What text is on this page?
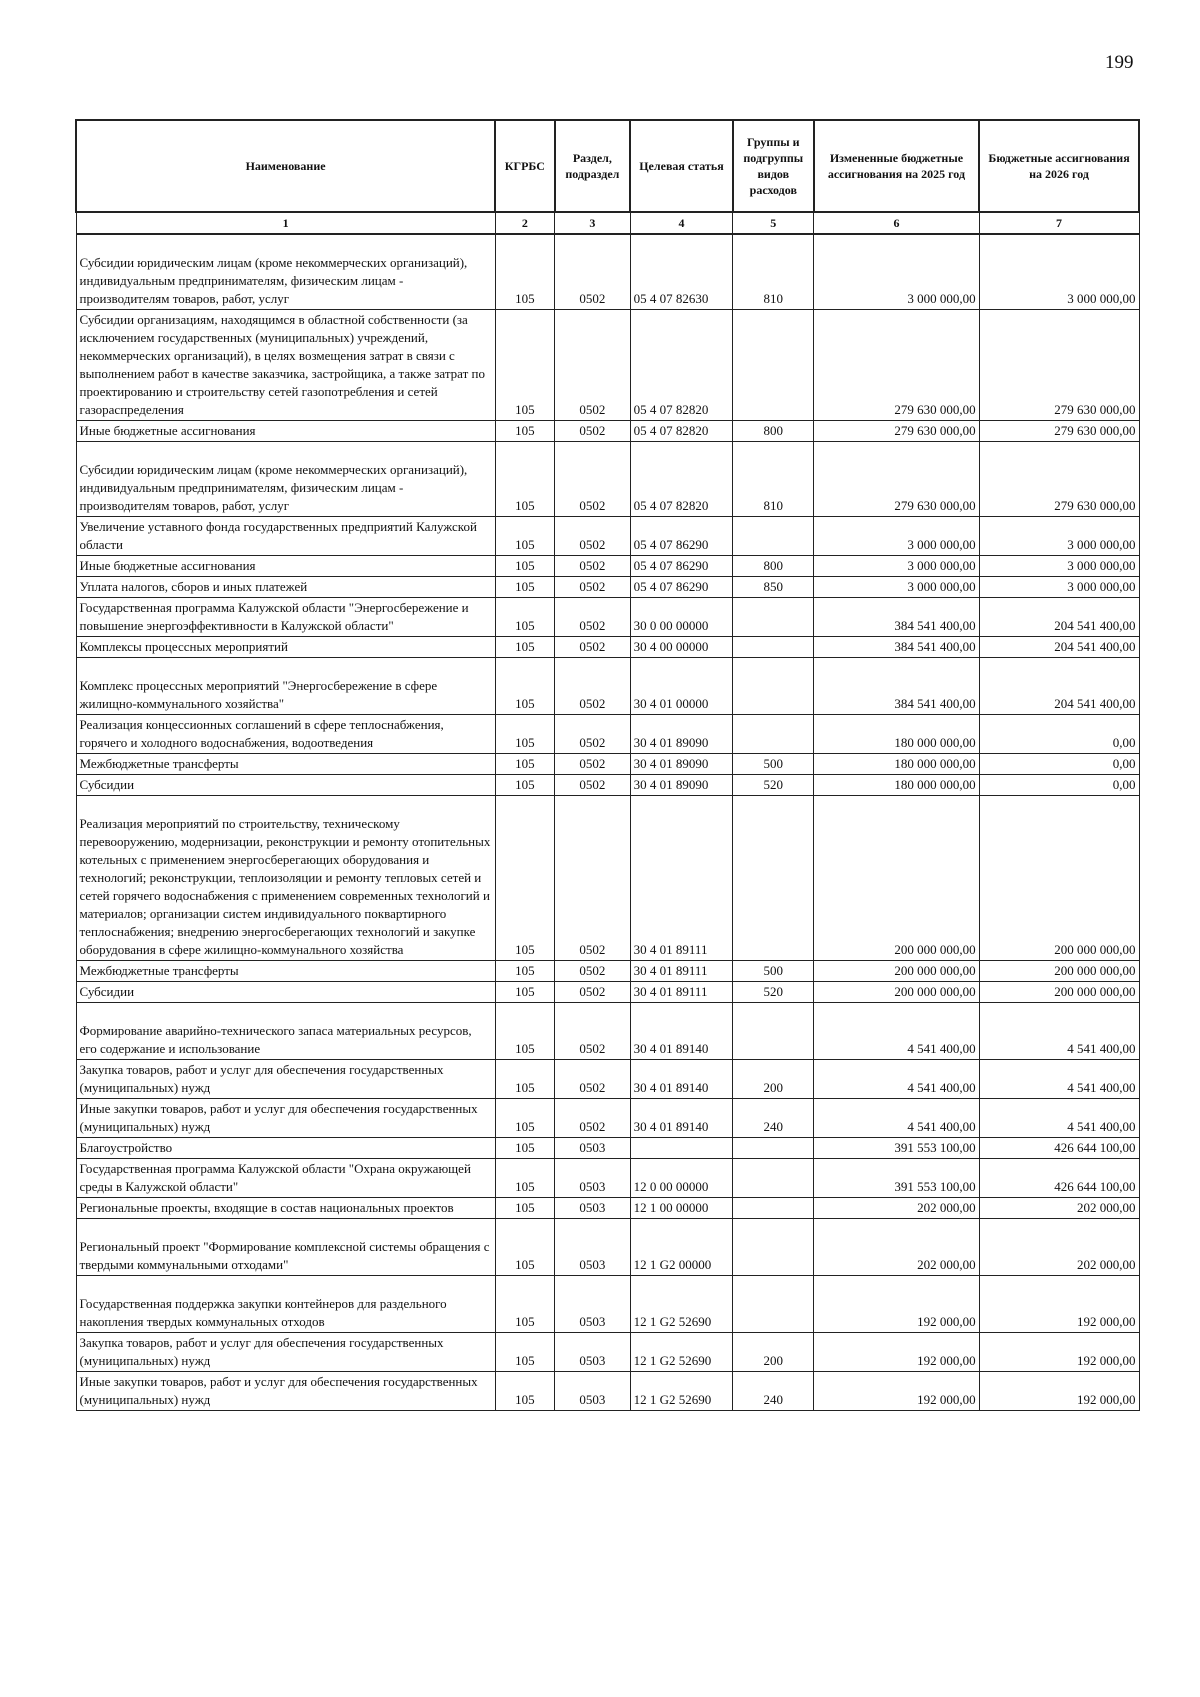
199
Наименование	КГРБС	Раздел, подраздел	Целевая статья	Группы и подгруппы видов расходов	Измененные бюджетные ассигнования на 2025 год	Бюджетные ассигнования на 2026 год
1	2	3	4	5	6	7
Субсидии юридическим лицам (кроме некоммерческих организаций), индивидуальным предпринимателям, физическим лицам - производителям товаров, работ, услуг	105	0502	05 4 07 82630	810	3 000 000,00	3 000 000,00
Субсидии организациям, находящимся в областной собственности (за исключением государственных (муниципальных) учреждений, некоммерческих организаций), в целях возмещения затрат в связи с выполнением работ в качестве заказчика, застройщика, а также затрат по проектированию и строительству сетей газопотребления и сетей газораспределения	105	0502	05 4 07 82820		279 630 000,00	279 630 000,00
Иные бюджетные ассигнования	105	0502	05 4 07 82820	800	279 630 000,00	279 630 000,00
Субсидии юридическим лицам (кроме некоммерческих организаций), индивидуальным предпринимателям, физическим лицам - производителям товаров, работ, услуг	105	0502	05 4 07 82820	810	279 630 000,00	279 630 000,00
Увеличение уставного фонда государственных предприятий Калужской области	105	0502	05 4 07 86290		3 000 000,00	3 000 000,00
Иные бюджетные ассигнования	105	0502	05 4 07 86290	800	3 000 000,00	3 000 000,00
Уплата налогов, сборов и иных платежей	105	0502	05 4 07 86290	850	3 000 000,00	3 000 000,00
Государственная программа Калужской области "Энергосбережение и повышение энергоэффективности в Калужской области"	105	0502	30 0 00 00000		384 541 400,00	204 541 400,00
Комплексы процессных мероприятий	105	0502	30 4 00 00000		384 541 400,00	204 541 400,00
Комплекс процессных мероприятий "Энергосбережение в сфере жилищно-коммунального хозяйства"	105	0502	30 4 01 00000		384 541 400,00	204 541 400,00
Реализация концессионных соглашений в сфере теплоснабжения, горячего и холодного водоснабжения, водоотведения	105	0502	30 4 01 89090		180 000 000,00	0,00
Межбюджетные трансферты	105	0502	30 4 01 89090	500	180 000 000,00	0,00
Субсидии	105	0502	30 4 01 89090	520	180 000 000,00	0,00
Реализация мероприятий по строительству, техническому перевооружению, модернизации, реконструкции и ремонту отопительных котельных с применением энергосберегающих оборудования и технологий; реконструкции, теплоизоляции и ремонту тепловых сетей и сетей горячего водоснабжения с применением современных технологий и материалов; организации систем индивидуального поквартирного теплоснабжения; внедрению энергосберегающих технологий и закупке оборудования в сфере жилищно-коммунального хозяйства	105	0502	30 4 01 89111		200 000 000,00	200 000 000,00
Межбюджетные трансферты	105	0502	30 4 01 89111	500	200 000 000,00	200 000 000,00
Субсидии	105	0502	30 4 01 89111	520	200 000 000,00	200 000 000,00
Формирование аварийно-технического запаса материальных ресурсов, его содержание и использование	105	0502	30 4 01 89140		4 541 400,00	4 541 400,00
Закупка товаров, работ и услуг для обеспечения государственных (муниципальных) нужд	105	0502	30 4 01 89140	200	4 541 400,00	4 541 400,00
Иные закупки товаров, работ и услуг для обеспечения государственных (муниципальных) нужд	105	0502	30 4 01 89140	240	4 541 400,00	4 541 400,00
Благоустройство	105	0503			391 553 100,00	426 644 100,00
Государственная программа Калужской области "Охрана окружающей среды в Калужской области"	105	0503	12 0 00 00000		391 553 100,00	426 644 100,00
Региональные проекты, входящие в состав национальных проектов	105	0503	12 1 00 00000		202 000,00	202 000,00
Региональный проект "Формирование комплексной системы обращения с твердыми коммунальными отходами"	105	0503	12 1 G2 00000		202 000,00	202 000,00
Государственная поддержка закупки контейнеров для раздельного накопления твердых коммунальных отходов	105	0503	12 1 G2 52690		192 000,00	192 000,00
Закупка товаров, работ и услуг для обеспечения государственных (муниципальных) нужд	105	0503	12 1 G2 52690	200	192 000,00	192 000,00
Иные закупки товаров, работ и услуг для обеспечения государственных (муниципальных) нужд	105	0503	12 1 G2 52690	240	192 000,00	192 000,00
